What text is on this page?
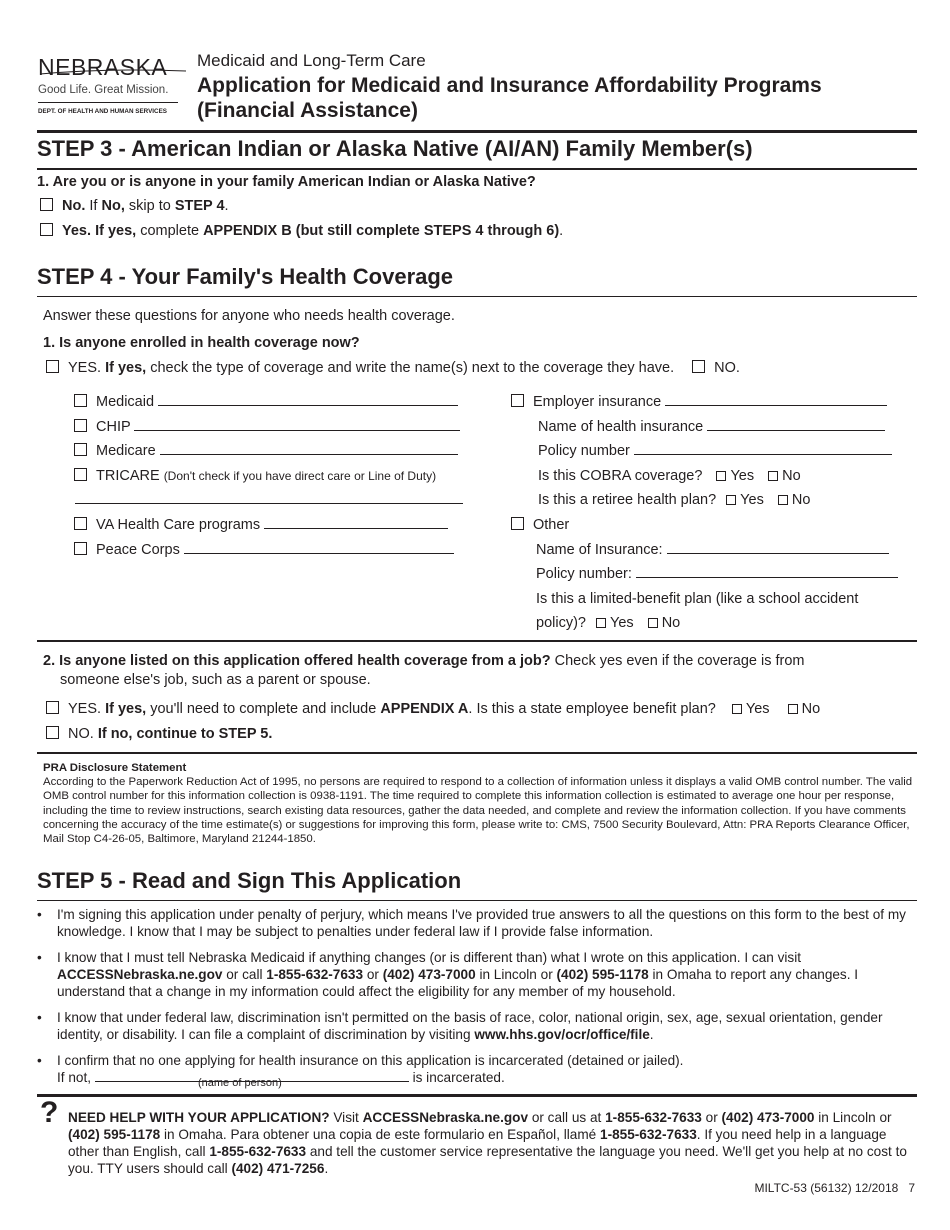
NEBRASKA
Good Life. Great Mission.
DEPT. OF HEALTH AND HUMAN SERVICES
Medicaid and Long-Term Care
Application for Medicaid and Insurance Affordability Programs
(Financial Assistance)
STEP 3 - American Indian or Alaska Native (AI/AN) Family Member(s)
1. Are you or is anyone in your family American Indian or Alaska Native?
No. If No, skip to STEP 4.
Yes. If yes, complete APPENDIX B (but still complete STEPS 4 through 6).
STEP 4 - Your Family's Health Coverage
Answer these questions for anyone who needs health coverage.
1. Is anyone enrolled in health coverage now?
YES. If yes, check the type of coverage and write the name(s) next to the coverage they have.	NO.
Medicaid
CHIP
Medicare
TRICARE (Don't check if you have direct care or Line of Duty)
VA Health Care programs
Peace Corps
Employer insurance
Name of health insurance
Policy number
Is this COBRA coverage? Yes No
Is this a retiree health plan? Yes No
Other
Name of Insurance:
Policy number:
Is this a limited-benefit plan (like a school accident
policy)? Yes No
2. Is anyone listed on this application offered health coverage from a job? Check yes even if the coverage is from
someone else's job, such as a parent or spouse.
YES. If yes, you'll need to complete and include APPENDIX A. Is this a state employee benefit plan? Yes No
NO. If no, continue to STEP 5.
PRA Disclosure Statement
According to the Paperwork Reduction Act of 1995, no persons are required to respond to a collection of information unless it displays a valid OMB control number. The valid OMB control number for this information collection is 0938-1191. The time required to complete this information collection is estimated to average one hour per response, including the time to review instructions, search existing data resources, gather the data needed, and complete and review the information collection. If you have comments concerning the accuracy of the time estimate(s) or suggestions for improving this form, please write to: CMS, 7500 Security Boulevard, Attn: PRA Reports Clearance Officer, Mail Stop C4-26-05, Baltimore, Maryland 21244-1850.
STEP 5 - Read and Sign This Application
• I'm signing this application under penalty of perjury, which means I've provided true answers to all the questions on this form to the best of my knowledge. I know that I may be subject to penalties under federal law if I provide false information.
• I know that I must tell Nebraska Medicaid if anything changes (or is different than) what I wrote on this application. I can visit ACCESSNebraska.ne.gov or call 1-855-632-7633 or (402) 473-7000 in Lincoln or (402) 595-1178 in Omaha to report any changes. I understand that a change in my information could affect the eligibility for any member of my household.
• I know that under federal law, discrimination isn't permitted on the basis of race, color, national origin, sex, age, sexual orientation, gender identity, or disability. I can file a complaint of discrimination by visiting www.hhs.gov/ocr/office/file.
• I confirm that no one applying for health insurance on this application is incarcerated (detained or jailed).
If not,	is incarcerated.
(name of person)
? NEED HELP WITH YOUR APPLICATION? Visit ACCESSNebraska.ne.gov or call us at 1-855-632-7633 or (402) 473-7000 in Lincoln or (402) 595-1178 in Omaha. Para obtener una copia de este formulario en Español, llamé 1-855-632-7633. If you need help in a language other than English, call 1-855-632-7633 and tell the customer service representative the language you need. We'll get you help at no cost to you. TTY users should call (402) 471-7256.
MILTC-53 (56132) 12/2018 7
